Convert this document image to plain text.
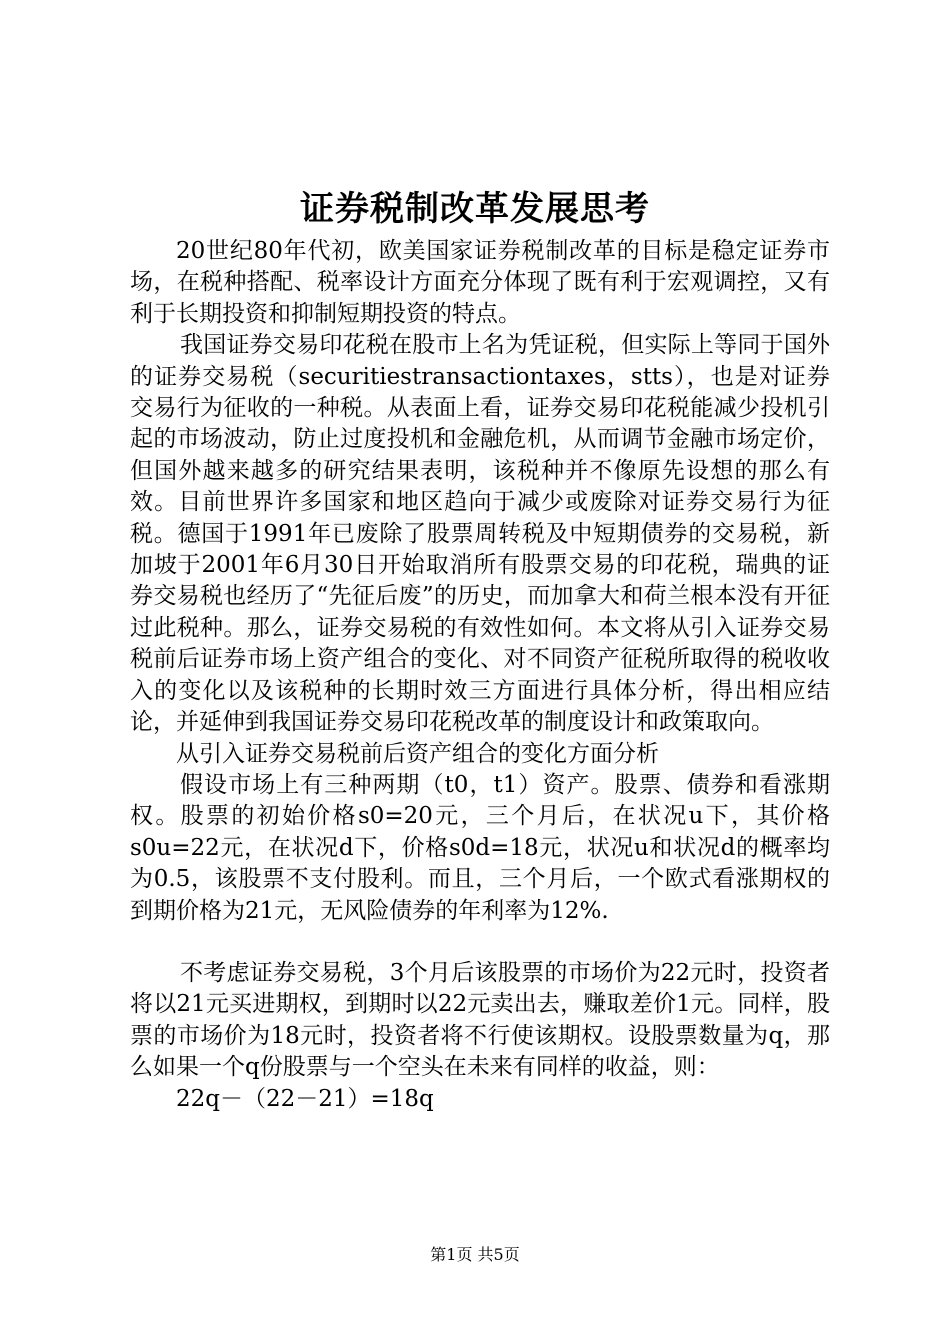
证券税制改革发展思考

20世纪80年代初，欧美国家证券税制改革的目标是稳定证券市场，在税种搭配、税率设计方面充分体现了既有利于宏观调控，又有利于长期投资和抑制短期投资的特点。

我国证券交易印花税在股市上名为凭证税，但实际上等同于国外的证券交易税（securitiestransactiontaxes，stts），也是对证券交易行为征收的一种税。从表面上看，证券交易印花税能减少投机引起的市场波动，防止过度投机和金融危机，从而调节金融市场定价，但国外越来越多的研究结果表明，该税种并不像原先设想的那么有效。目前世界许多国家和地区趋向于减少或废除对证券交易行为征税。德国于1991年已废除了股票周转税及中短期债券的交易税，新加坡于2001年6月30日开始取消所有股票交易的印花税，瑞典的证券交易税也经历了“先征后废”的历史，而加拿大和荷兰根本没有开征过此税种。那么，证券交易税的有效性如何。本文将从引入证券交易税前后证券市场上资产组合的变化、对不同资产征税所取得的税收收入的变化以及该税种的长期时效三方面进行具体分析，得出相应结论，并延伸到我国证券交易印花税改革的制度设计和政策取向。

从引入证券交易税前后资产组合的变化方面分析

假设市场上有三种两期（t0，t1）资产。股票、债券和看涨期权。股票的初始价格s0=20元，三个月后，在状况u下，其价格s0u=22元，在状况d下，价格s0d=18元，状况u和状况d的概率均为0.5，该股票不支付股利。而且，三个月后，一个欧式看涨期权的到期价格为21元，无风险债券的年利率为12%.

不考虑证券交易税，3个月后该股票的市场价为22元时，投资者将以21元买进期权，到期时以22元卖出去，赚取差价1元。同样，股票的市场价为18元时，投资者将不行使该期权。设股票数量为q，那么如果一个q份股票与一个空头在未来有同样的收益，则：

22q－（22－21）=18q

第1页 共5页
